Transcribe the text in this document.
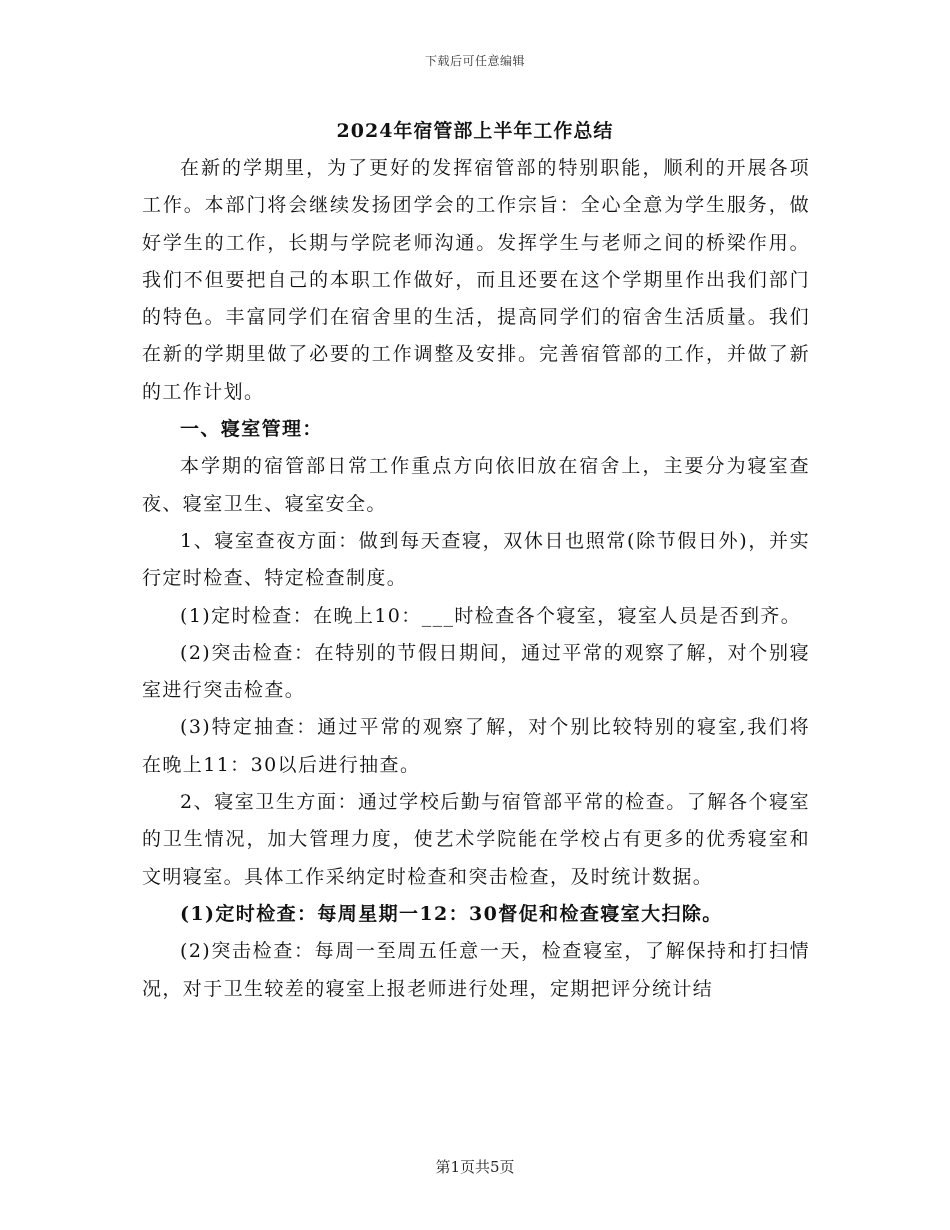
下载后可任意编辑
2024年宿管部上半年工作总结

在新的学期里，为了更好的发挥宿管部的特别职能，顺利的开展各项工作。本部门将会继续发扬团学会的工作宗旨：全心全意为学生服务，做好学生的工作，长期与学院老师沟通。发挥学生与老师之间的桥梁作用。我们不但要把自己的本职工作做好，而且还要在这个学期里作出我们部门的特色。丰富同学们在宿舍里的生活，提高同学们的宿舍生活质量。我们在新的学期里做了必要的工作调整及安排。完善宿管部的工作，并做了新的工作计划。

一、寝室管理：

本学期的宿管部日常工作重点方向依旧放在宿舍上，主要分为寝室查夜、寝室卫生、寝室安全。

1、寝室查夜方面：做到每天查寝，双休日也照常(除节假日外)，并实行定时检查、特定检查制度。

(1)定时检查：在晚上10：___时检查各个寝室，寝室人员是否到齐。

(2)突击检查：在特别的节假日期间，通过平常的观察了解，对个别寝室进行突击检查。

(3)特定抽查：通过平常的观察了解，对个别比较特别的寝室,我们将在晚上11：30以后进行抽查。

2、寝室卫生方面：通过学校后勤与宿管部平常的检查。了解各个寝室的卫生情况，加大管理力度，使艺术学院能在学校占有更多的优秀寝室和文明寝室。具体工作采纳定时检查和突击检查，及时统计数据。

(1)定时检查：每周星期一12：30督促和检查寝室大扫除。

(2)突击检查：每周一至周五任意一天，检查寝室，了解保持和打扫情况，对于卫生较差的寝室上报老师进行处理，定期把评分统计结

第1页共5页
